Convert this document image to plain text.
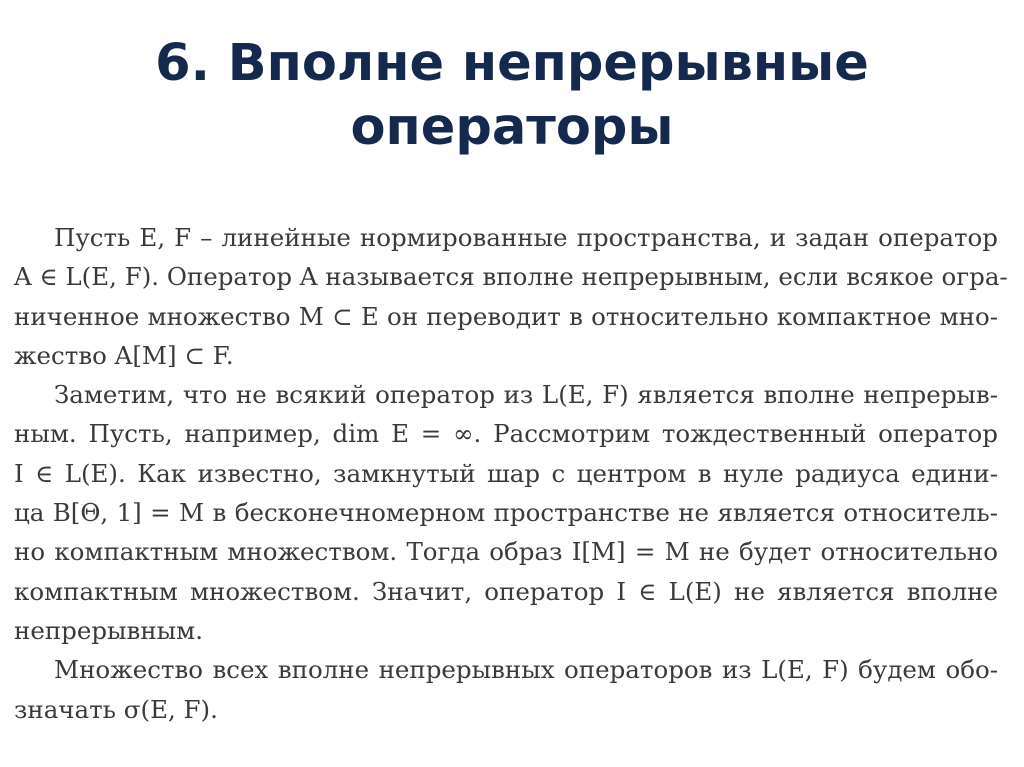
6. Вполне непрерывные
операторы

Пусть E, F – линейные нормированные пространства, и задан оператор
A ∈ L(E, F). Оператор A называется вполне непрерывным, если всякое огра-
ниченное множество M ⊂ E он переводит в относительно компактное мно-
жество A[M] ⊂ F.

Заметим, что не всякий оператор из L(E, F) является вполне непрерыв-
ным. Пусть, например, dim E = ∞. Рассмотрим тождественный оператор
I ∈ L(E). Как известно, замкнутый шар с центром в нуле радиуса едини-
ца B[Θ, 1] = M в бесконечномерном пространстве не является относитель-
но компактным множеством. Тогда образ I[M] = M не будет относительно
компактным множеством. Значит, оператор I ∈ L(E) не является вполне
непрерывным.

Множество всех вполне непрерывных операторов из L(E, F) будем обо-
значать σ(E, F).
